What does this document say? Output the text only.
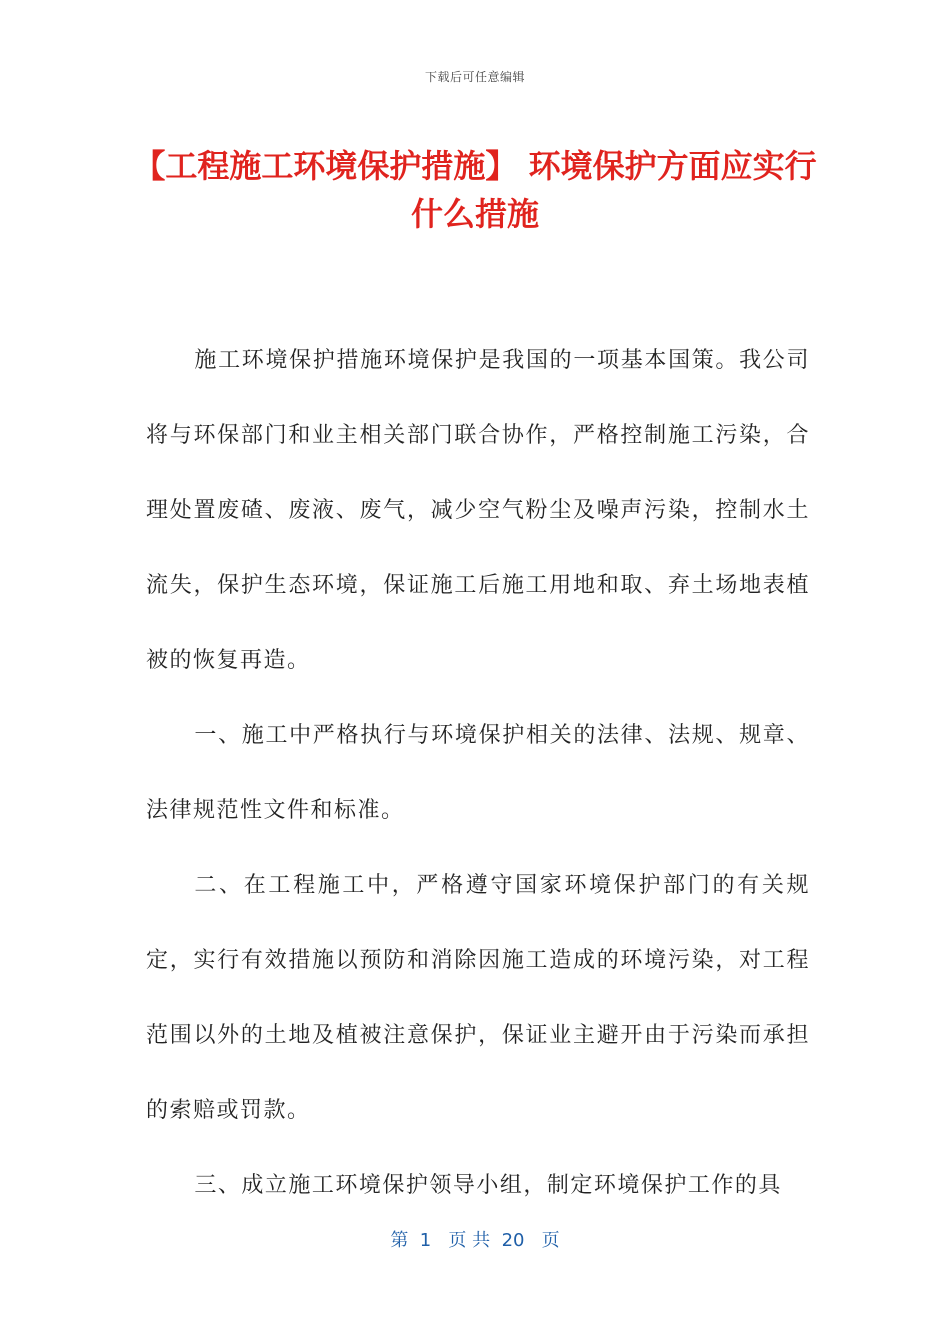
下载后可任意编辑
【工程施工环境保护措施】 环境保护方面应实行什么措施

施工环境保护措施环境保护是我国的一项基本国策。我公司将与环保部门和业主相关部门联合协作，严格控制施工污染，合理处置废碴、废液、废气，减少空气粉尘及噪声污染，控制水土流失，保护生态环境，保证施工后施工用地和取、弃土场地表植被的恢复再造。

一、施工中严格执行与环境保护相关的法律、法规、规章、法律规范性文件和标准。

二、在工程施工中，严格遵守国家环境保护部门的有关规定，实行有效措施以预防和消除因施工造成的环境污染，对工程范围以外的土地及植被注意保护，保证业主避开由于污染而承担的索赔或罚款。

三、成立施工环境保护领导小组，制定环境保护工作的具

第  1   页 共  20   页
